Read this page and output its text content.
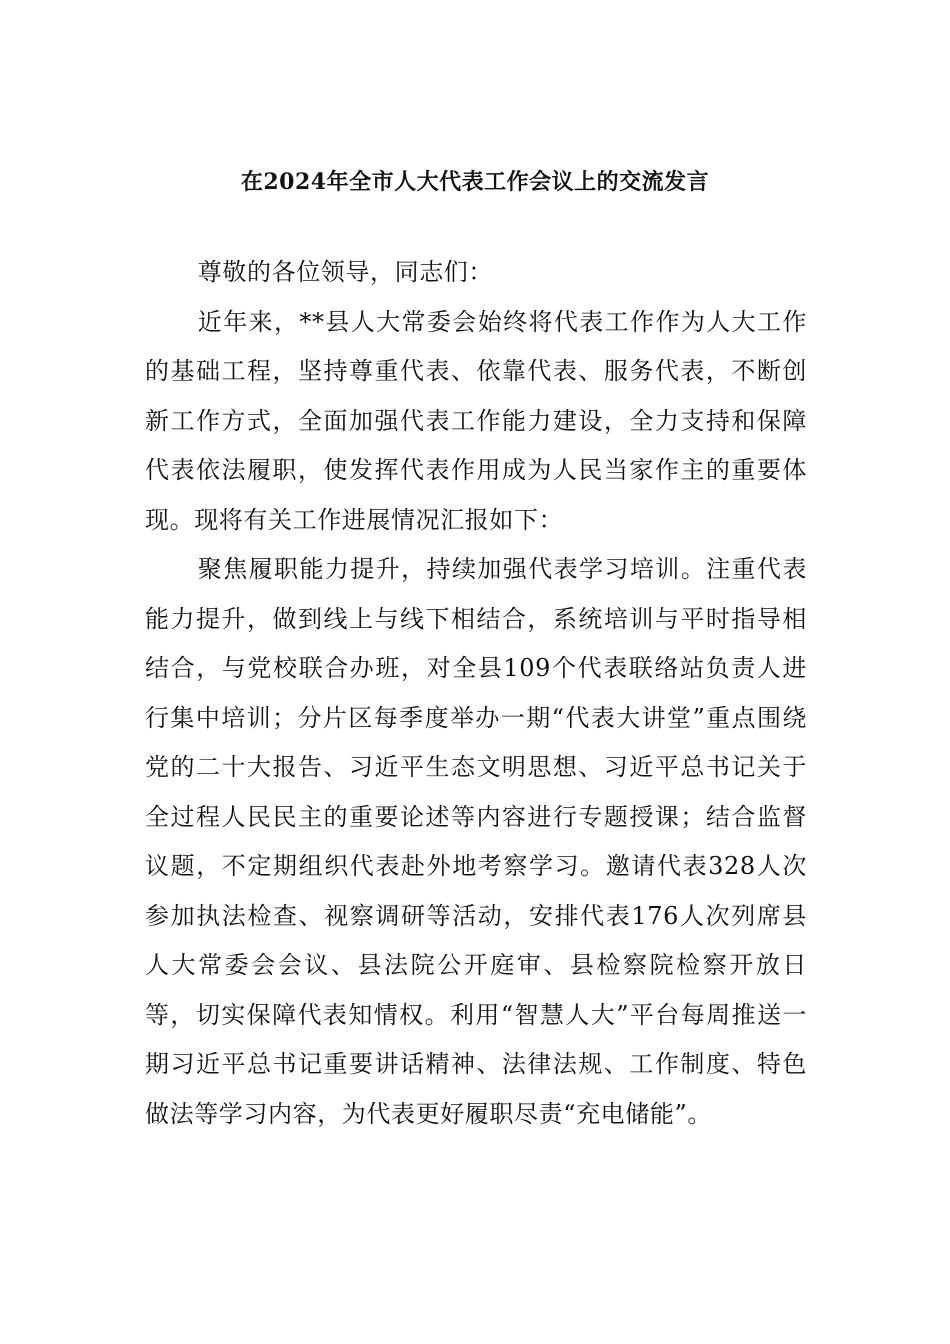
在2024年全市人大代表工作会议上的交流发言

尊敬的各位领导，同志们：

近年来，**县人大常委会始终将代表工作作为人大工作的基础工程，坚持尊重代表、依靠代表、服务代表，不断创新工作方式，全面加强代表工作能力建设，全力支持和保障代表依法履职，使发挥代表作用成为人民当家作主的重要体现。现将有关工作进展情况汇报如下：

聚焦履职能力提升，持续加强代表学习培训。注重代表能力提升，做到线上与线下相结合，系统培训与平时指导相结合，与党校联合办班，对全县109个代表联络站负责人进行集中培训；分片区每季度举办一期“代表大讲堂”重点围绕党的二十大报告、习近平生态文明思想、习近平总书记关于全过程人民民主的重要论述等内容进行专题授课；结合监督议题，不定期组织代表赴外地考察学习。邀请代表328人次参加执法检查、视察调研等活动，安排代表176人次列席县人大常委会会议、县法院公开庭审、县检察院检察开放日等，切实保障代表知情权。利用“智慧人大”平台每周推送一期习近平总书记重要讲话精神、法律法规、工作制度、特色做法等学习内容，为代表更好履职尽责“充电储能”。
